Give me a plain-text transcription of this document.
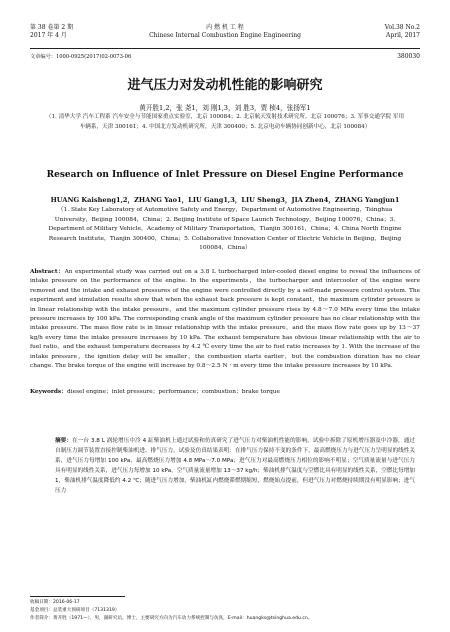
第 38 卷第 2 期
2017 年 4 月
内 燃 机 工 程
Chinese Internal Combustion Engine Engineering
Vol.38 No.2
April, 2017
文章编号：1000-0925(2017)02-0073-06	380030
进气压力对发动机性能的影响研究
黄开胜1,2，张 尧1，刘 刚1,3，刘 胜3，贾 桢4，张扬军1
（1. 清华大学 汽车工程系 汽车安全与节能国家重点实验室，北京 100084；2. 北京航天发射技术研究所，北京 100076；3. 军事交通学院 军用车辆系，天津 300161；4. 中国北方发动机研究所，天津 300400；5. 北京电动车辆协同创新中心，北京 100084）
Research on Influence of Inlet Pressure on Diesel Engine Performance
HUANG Kaisheng1,2，ZHANG Yao1，LIU Gang1,3，LIU Sheng3，JIA Zhen4，ZHANG Yangjun1
（1. State Key Laboratory of Automotive Safety and Energy，Department of Automotive Engineering，Tsinghua University，Beijing 100084，China；2. Beijing Institute of Space Launch Technology，Beijing 100076，China；3. Department of Military Vehicle，Academy of Military Transportation，Tianjin 300161，China；4. China North Engine Research Institute，Tianjin 300400，China；5. Collaborative Innovation Center of Electric Vehicle in Beijing，Beijing 100084，China）
Abstract：An experimental study was carried out on a 3.8 L turbocharged inter-cooled diesel engine to reveal the influences of intake pressure on the performance of the engine. In the experiments，the turbocharger and intercooler of the engine were removed and the intake and exhaust pressures of the engine were controlled directly by a self-made pressure control system. The experiment and simulation results show that when the exhaust back pressure is kept constant，the maximum cylinder pressure is in linear relationship with the intake pressure，and the maximum cylinder pressure rises by 4.8～7.0 MPa every time the intake pressure increases by 100 kPa. The corresponding crank angle of the maximum cylinder pressure has no clear relationship with the intake pressure. The mass flow rate is in linear relationship with the intake pressure，and the mass flow rate goes up by 13～37 kg/h every time the intake pressure increases by 10 kPa. The exhaust temperature has obvious linear relationship with the air to fuel ratio，and the exhaust temperature decreases by 4.2 ℃ every time the air to fuel ratio increases by 1. With the increase of the intake pressure，the ignition delay will be smaller，the combustion starts earlier，but the combustion duration has no clear change. The brake torque of the engine will increase by 0.8～2.5 N · m every time the intake pressure increases by 10 kPa.
Keywords：diesel engine；inlet pressure；performance；combustion；brake torque
摘要：在一台 3.8 L 涡轮增压中冷 4 缸柴油机上通过试验和仿真研究了进气压力对柴油机性能的影响。试验中拆除了原机增压器及中冷器，通过自制压力调节装置直接控制柴油机进、排气压力。试验及仿真结果表明：在排气压力保持不变的条件下，最高燃烧压力与进气压力呈明显的线性关系，进气压力每增加 100 kPa，最高燃烧压力增加 4.8 MPa～7.0 MPa；进气压力对最高燃烧压力相位的影响不明显；空气质量流量与进气压力具有明显的线性关系，进气压力每增加 10 kPa，空气质量流量增加 13～37 kg/h；柴油机排气温度与空燃比具有明显的线性关系，空燃比每增加 1，柴油机排气温度降低约 4.2 ℃；随进气压力增加，柴油机缸内燃烧滞燃期缩短，燃烧始点提前，但进气压力对燃烧持续期没有明显影响；进气压力
收稿日期：2016-06-17
基金项目：总装重大预研项目（7131319）
作者简介：黄开胜（1971—），男，副研究员，博士，主要研究方向为汽车动力系统控制与仿真，E-mail：huangks@tsinghua.edu.cn。
